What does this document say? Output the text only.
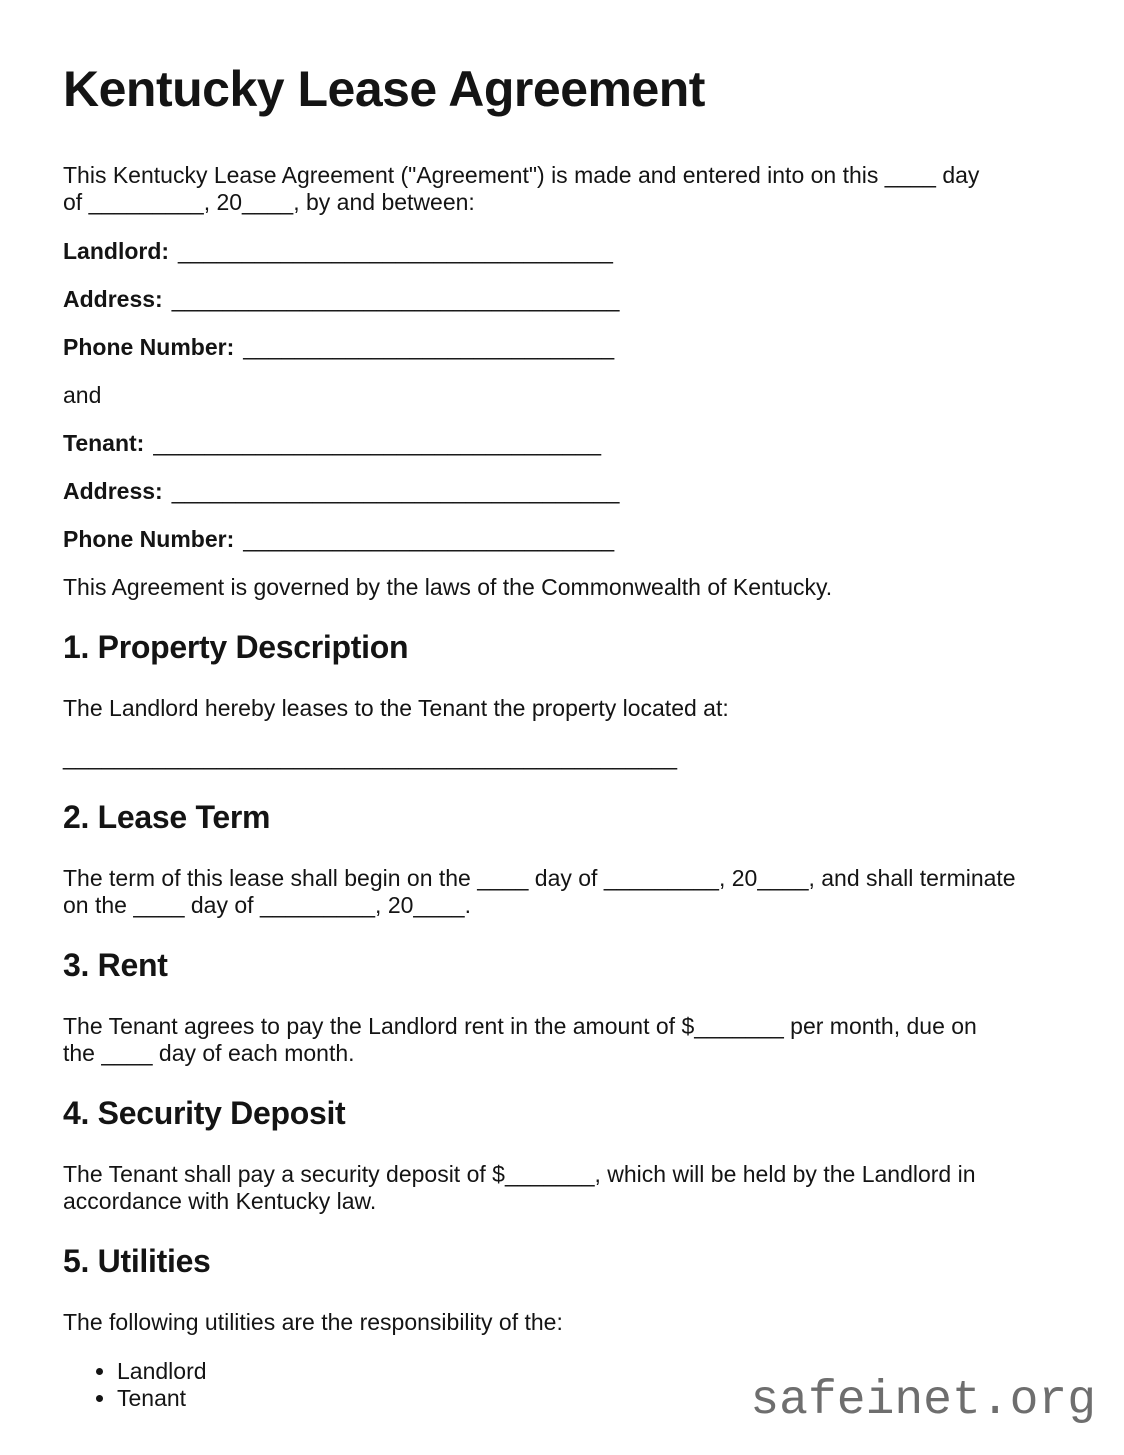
Kentucky Lease Agreement

This Kentucky Lease Agreement ("Agreement") is made and entered into on this ____ day
of _________, 20____, by and between:

Landlord: __________________________________

Address: ___________________________________

Phone Number: _____________________________

and

Tenant: ___________________________________

Address: ___________________________________

Phone Number: _____________________________

This Agreement is governed by the laws of the Commonwealth of Kentucky.

1. Property Description

The Landlord hereby leases to the Tenant the property located at:

________________________________________________

2. Lease Term

The term of this lease shall begin on the ____ day of _________, 20____, and shall terminate
on the ____ day of _________, 20____.

3. Rent

The Tenant agrees to pay the Landlord rent in the amount of $_______ per month, due on
the ____ day of each month.

4. Security Deposit

The Tenant shall pay a security deposit of $_______, which will be held by the Landlord in
accordance with Kentucky law.

5. Utilities

The following utilities are the responsibility of the:

• Landlord
• Tenant	safeinet.org
